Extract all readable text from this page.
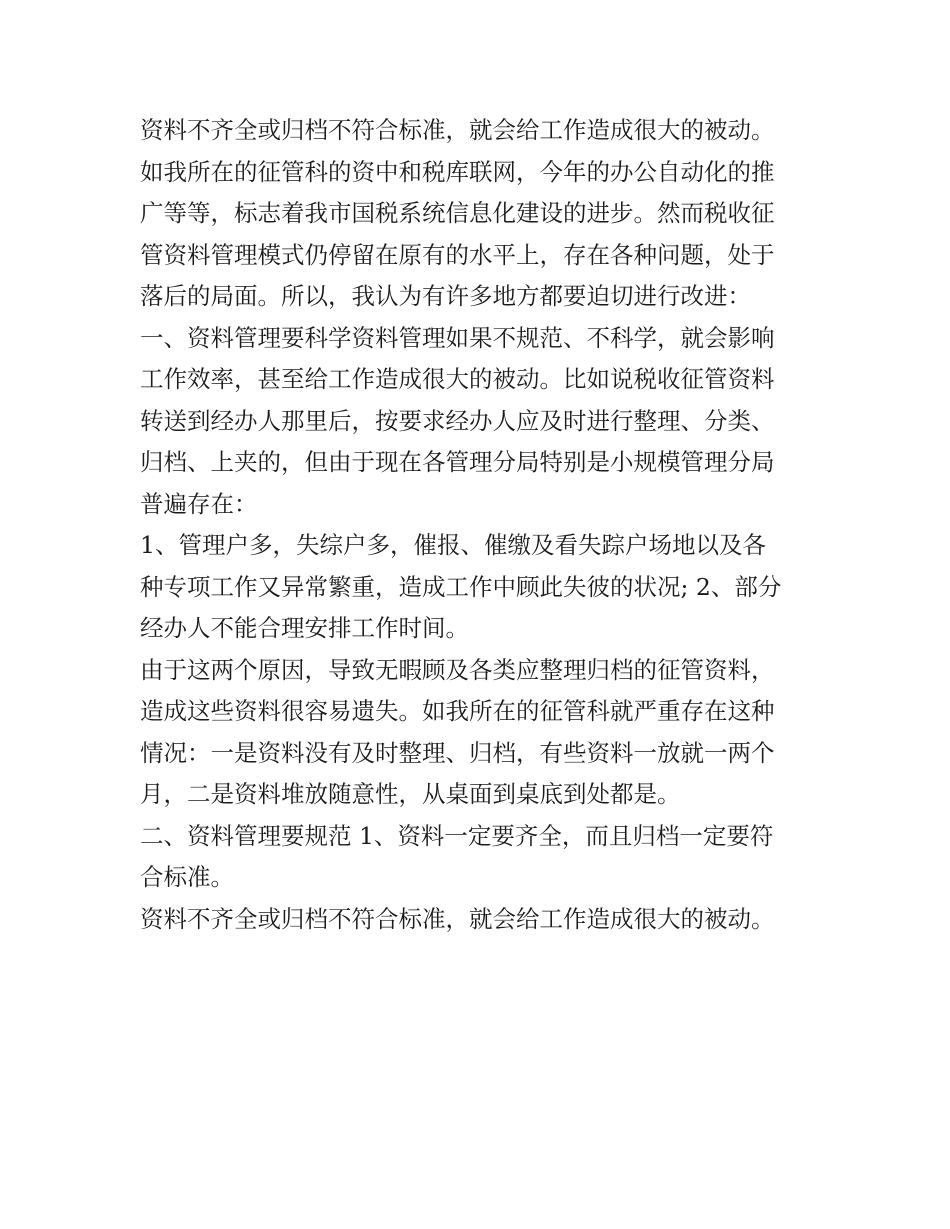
资料不齐全或归档不符合标准，就会给工作造成很大的被动。

如我所在的征管科的资中和税库联网，今年的办公自动化的推

广等等，标志着我市国税系统信息化建设的进步。然而税收征

管资料管理模式仍停留在原有的水平上，存在各种问题，处于

落后的局面。所以，我认为有许多地方都要迫切进行改进：

一、资料管理要科学资料管理如果不规范、不科学，就会影响

工作效率，甚至给工作造成很大的被动。比如说税收征管资料

转送到经办人那里后，按要求经办人应及时进行整理、分类、

归档、上夹的，但由于现在各管理分局特别是小规模管理分局

普遍存在：

1、管理户多，失综户多，催报、催缴及看失踪户场地以及各

种专项工作又异常繁重，造成工作中顾此失彼的状况; 2、部分

经办人不能合理安排工作时间。

由于这两个原因，导致无暇顾及各类应整理归档的征管资料，

造成这些资料很容易遗失。如我所在的征管科就严重存在这种

情况：一是资料没有及时整理、归档，有些资料一放就一两个

月，二是资料堆放随意性，从桌面到桌底到处都是。

二、资料管理要规范 1、资料一定要齐全，而且归档一定要符

合标准。

资料不齐全或归档不符合标准，就会给工作造成很大的被动。
